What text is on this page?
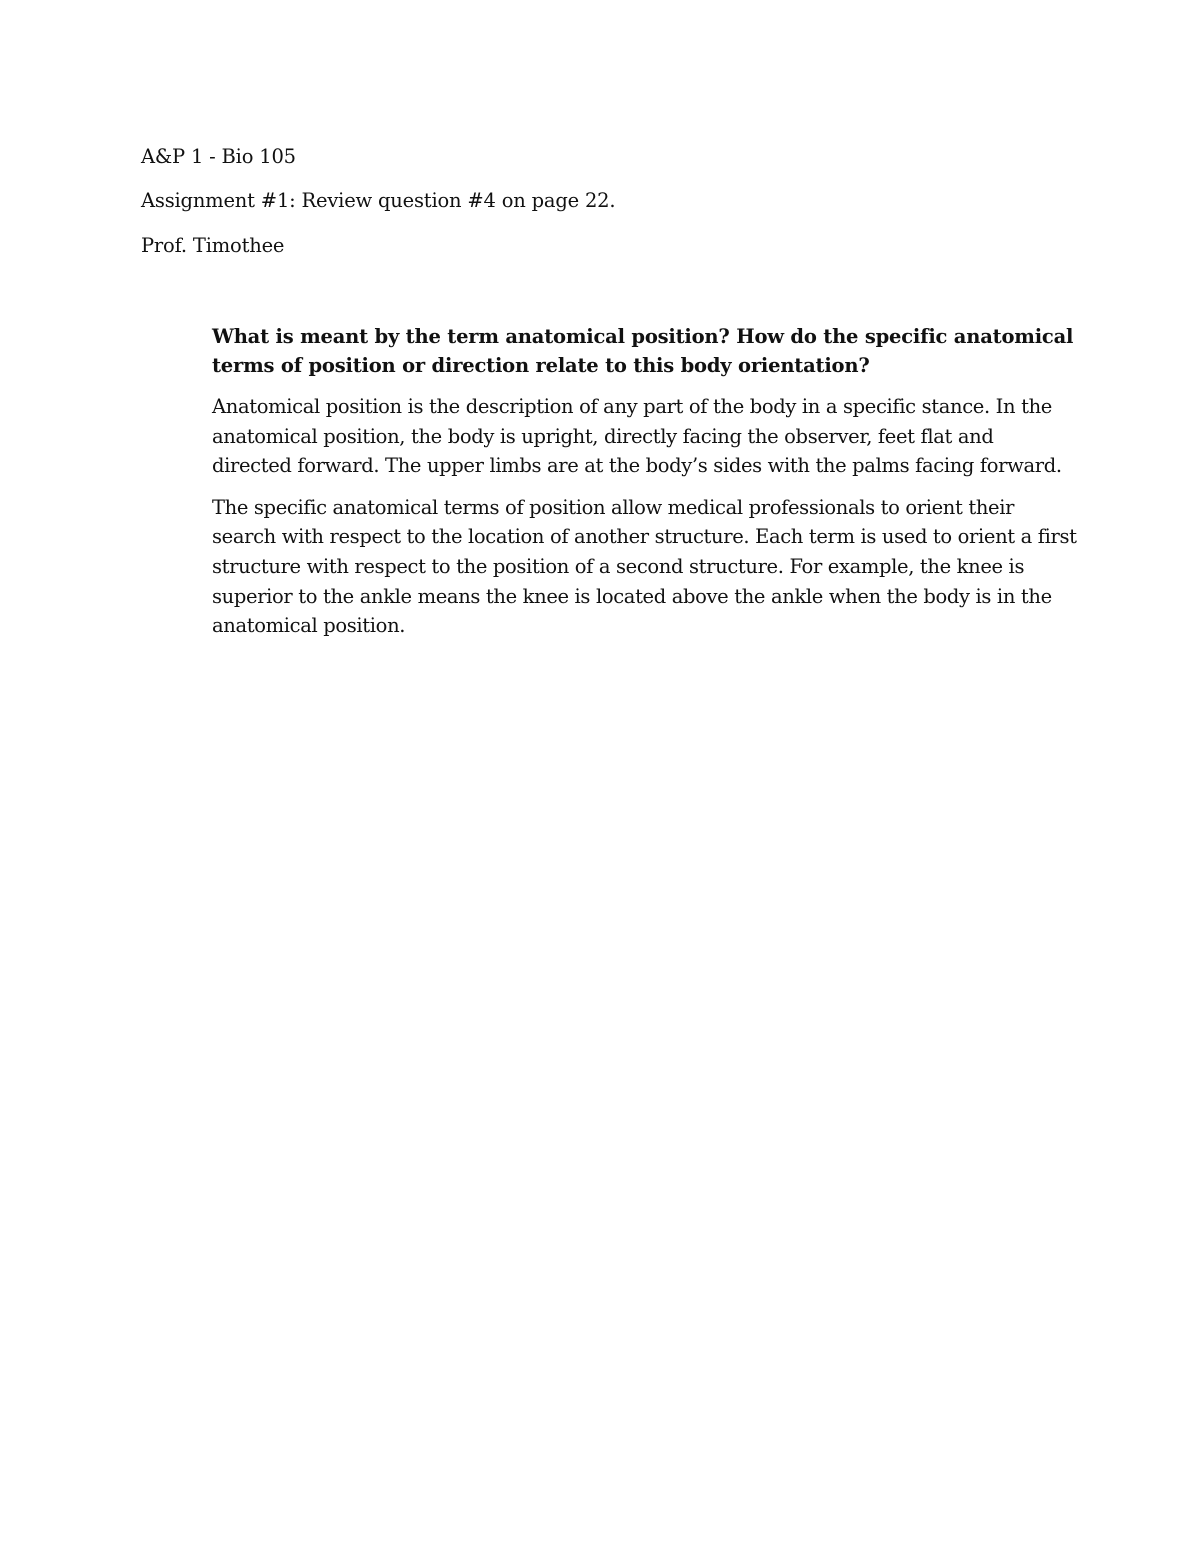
A&P 1 - Bio 105
Assignment #1: Review question #4 on page 22.
Prof. Timothee

What is meant by the term anatomical position? How do the specific anatomical
terms of position or direction relate to this body orientation?

Anatomical position is the description of any part of the body in a specific stance. In the
anatomical position, the body is upright, directly facing the observer, feet flat and
directed forward. The upper limbs are at the body’s sides with the palms facing forward.

The specific anatomical terms of position allow medical professionals to orient their
search with respect to the location of another structure. Each term is used to orient a first
structure with respect to the position of a second structure. For example, the knee is
superior to the ankle means the knee is located above the ankle when the body is in the
anatomical position.
